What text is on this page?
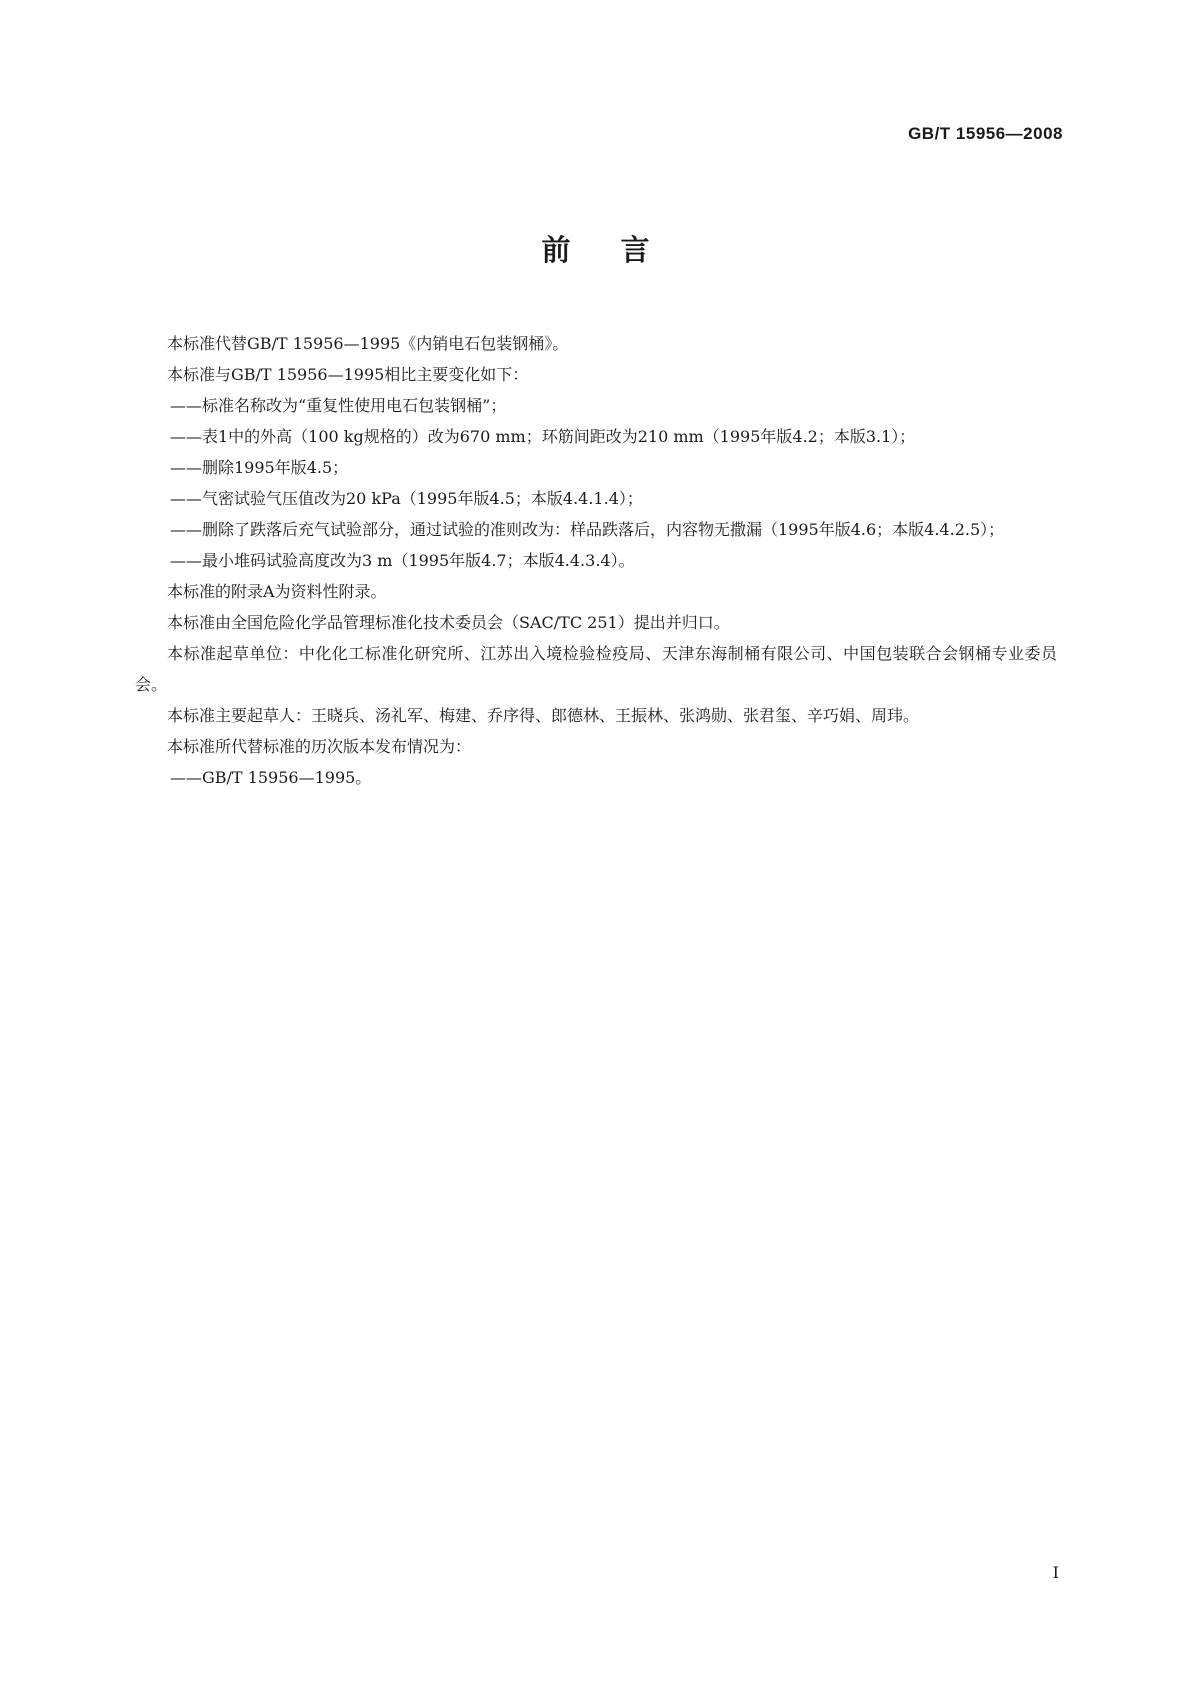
GB/T 15956—2008
前言

本标准代替GB/T 15956—1995《内销电石包装钢桶》。

本标准与GB/T 15956—1995相比主要变化如下：

——标准名称改为“重复性使用电石包装钢桶”；

——表1中的外高（100 kg规格的）改为670 mm；环筋间距改为210 mm（1995年版4.2；本版3.1）；

——删除1995年版4.5；

——气密试验气压值改为20 kPa（1995年版4.5；本版4.4.1.4）；

——删除了跌落后充气试验部分，通过试验的准则改为：样品跌落后，内容物无撒漏（1995年版4.6；本版4.4.2.5）；

——最小堆码试验高度改为3 m（1995年版4.7；本版4.4.3.4）。

本标准的附录A为资料性附录。

本标准由全国危险化学品管理标准化技术委员会（SAC/TC 251）提出并归口。

本标准起草单位：中化化工标准化研究所、江苏出入境检验检疫局、天津东海制桶有限公司、中国包装联合会钢桶专业委员会。

本标准主要起草人：王晓兵、汤礼军、梅建、乔序得、郎德林、王振林、张鸿勋、张君玺、辛巧娟、周玮。

本标准所代替标准的历次版本发布情况为：

——GB/T 15956—1995。

I
